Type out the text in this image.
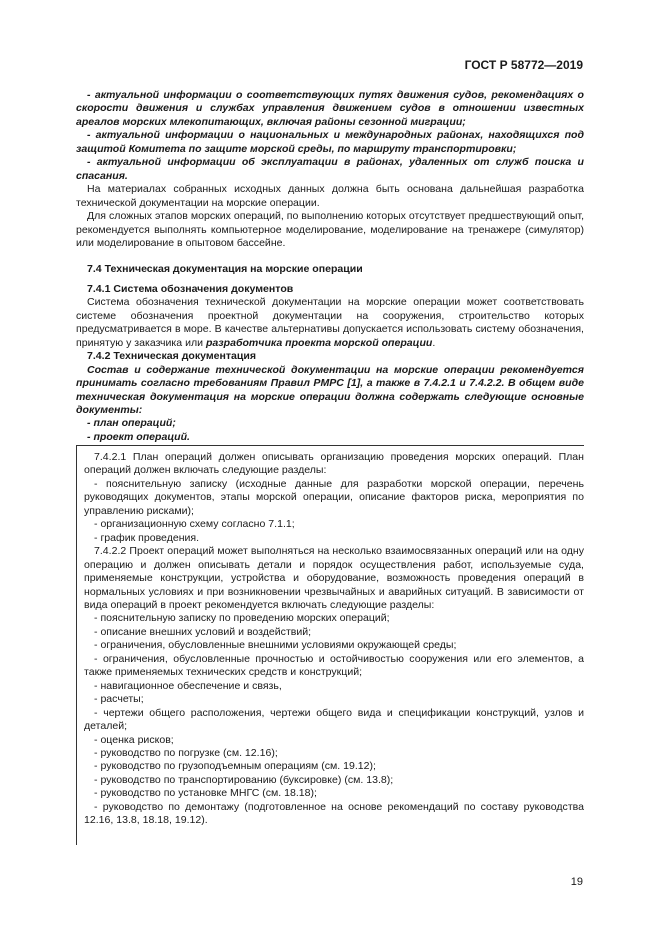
ГОСТ Р 58772—2019

- актуальной информации о соответствующих путях движения судов, рекомендациях о скорости движения и службах управления движением судов в отношении известных ареалов морских млекопитающих, включая районы сезонной миграции;

- актуальной информации о национальных и международных районах, находящихся под защитой Комитета по защите морской среды, по маршруту транспортировки;

- актуальной информации об эксплуатации в районах, удаленных от служб поиска и спасания.

На материалах собранных исходных данных должна быть основана дальнейшая разработка технической документации на морские операции.

Для сложных этапов морских операций, по выполнению которых отсутствует предшествующий опыт, рекомендуется выполнять компьютерное моделирование, моделирование на тренажере (симулятор) или моделирование в опытовом бассейне.

7.4 Техническая документация на морские операции

7.4.1 Система обозначения документов

Система обозначения технической документации на морские операции может соответствовать системе обозначения проектной документации на сооружения, строительство которых предусматривается в море. В качестве альтернативы допускается использовать систему обозначения, принятую у заказчика или разработчика проекта морской операции.

7.4.2 Техническая документация

Состав и содержание технической документации на морские операции рекомендуется принимать согласно требованиям Правил РМРС [1], а также в 7.4.2.1 и 7.4.2.2. В общем виде техническая документация на морские операции должна содержать следующие основные документы:

- план операций;

- проект операций.

7.4.2.1 План операций должен описывать организацию проведения морских операций. План операций должен включать следующие разделы:

- пояснительную записку (исходные данные для разработки морской операции, перечень руководящих документов, этапы морской операции, описание факторов риска, мероприятия по управлению рисками);

- организационную схему согласно 7.1.1;

- график проведения.

7.4.2.2 Проект операций может выполняться на несколько взаимосвязанных операций или на одну операцию и должен описывать детали и порядок осуществления работ, используемые суда, применяемые конструкции, устройства и оборудование, возможность проведения операций в нормальных условиях и при возникновении чрезвычайных и аварийных ситуаций. В зависимости от вида операций в проект рекомендуется включать следующие разделы:

- пояснительную записку по проведению морских операций;

- описание внешних условий и воздействий;

- ограничения, обусловленные внешними условиями окружающей среды;

- ограничения, обусловленные прочностью и остойчивостью сооружения или его элементов, а также применяемых технических средств и конструкций;

- навигационное обеспечение и связь,

- расчеты;

- чертежи общего расположения, чертежи общего вида и спецификации конструкций, узлов и деталей;

- оценка рисков;

- руководство по погрузке (см. 12.16);

- руководство по грузоподъемным операциям (см. 19.12);

- руководство по транспортированию (буксировке) (см. 13.8);

- руководство по установке МНГС (см. 18.18);

- руководство по демонтажу (подготовленное на основе рекомендаций по составу руководства 12.16, 13.8, 18.18, 19.12).

19
